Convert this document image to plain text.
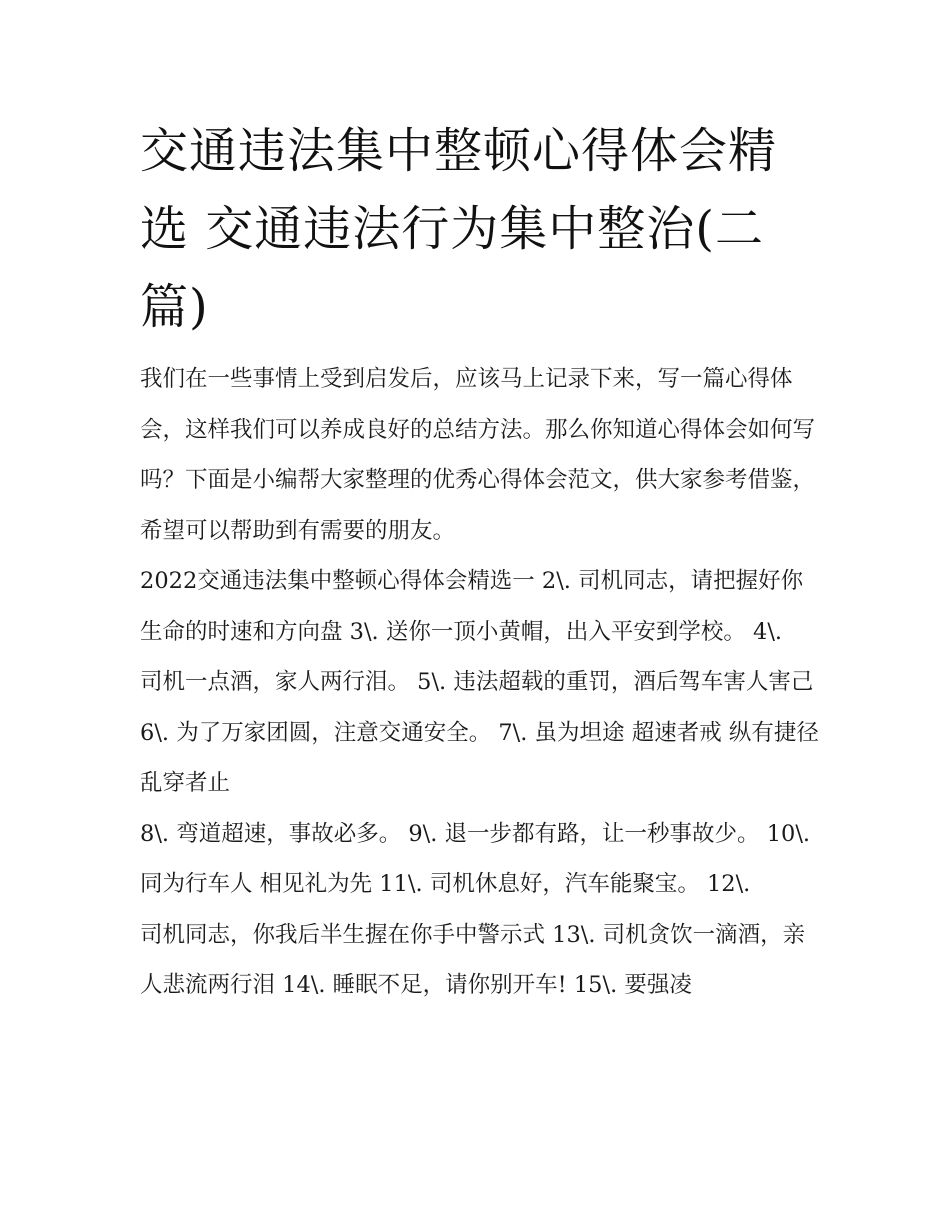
交通违法集中整顿心得体会精选 交通违法行为集中整治(二篇)

我们在一些事情上受到启发后，应该马上记录下来，写一篇心得体会，这样我们可以养成良好的总结方法。那么你知道心得体会如何写吗？下面是小编帮大家整理的优秀心得体会范文，供大家参考借鉴，希望可以帮助到有需要的朋友。

2022交通违法集中整顿心得体会精选一 2\. 司机同志，请把握好你生命的时速和方向盘 3\. 送你一顶小黄帽，出入平安到学校。 4\.

司机一点酒，家人两行泪。 5\. 违法超载的重罚，酒后驾车害人害己 6\. 为了万家团圆，注意交通安全。 7\. 虽为坦途 超速者戒 纵有捷径 乱穿者止

8\. 弯道超速，事故必多。 9\. 退一步都有路，让一秒事故少。 10\. 同为行车人 相见礼为先 11\. 司机休息好，汽车能聚宝。 12\.

司机同志，你我后半生握在你手中警示式 13\. 司机贪饮一滴酒，亲人悲流两行泪 14\. 睡眠不足，请你别开车! 15\. 要强凌
